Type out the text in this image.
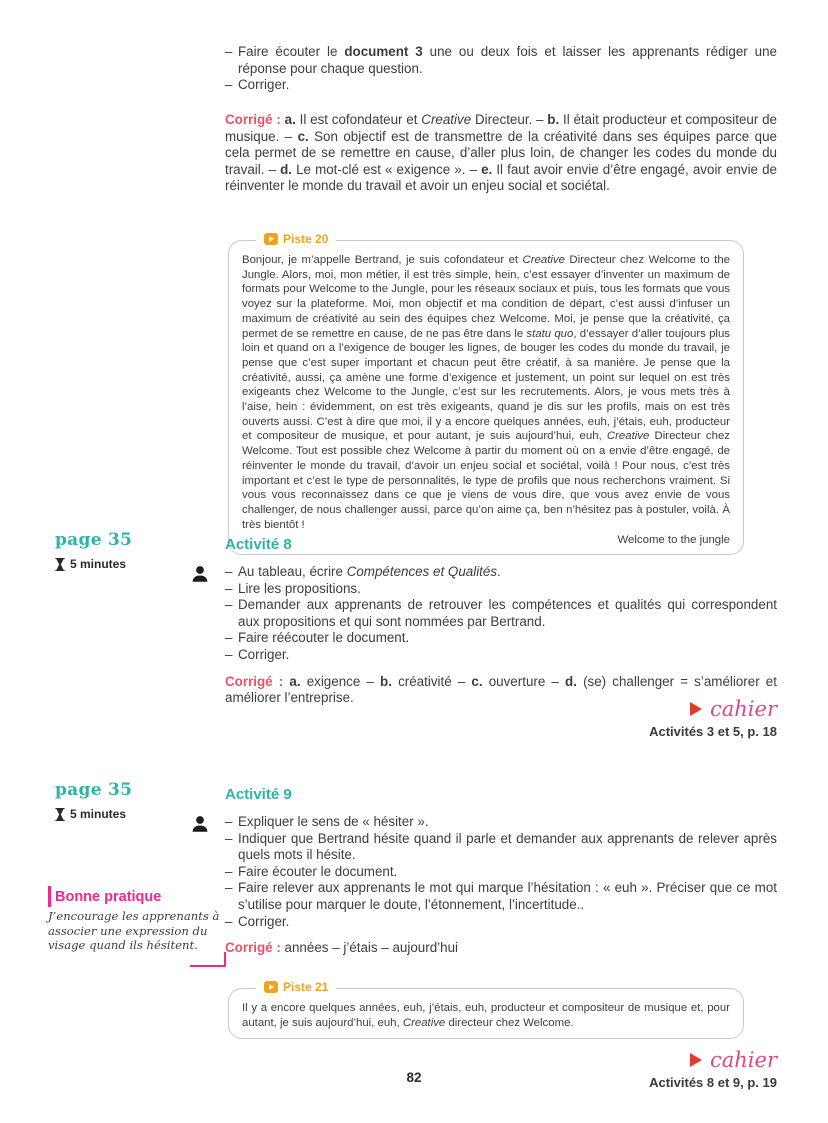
– Faire écouter le document 3 une ou deux fois et laisser les apprenants rédiger une réponse pour chaque question.
– Corriger.

Corrigé : a. Il est cofondateur et Creative Directeur. – b. Il était producteur et compositeur de musique. – c. Son objectif est de transmettre de la créativité dans ses équipes parce que cela permet de se remettre en cause, d’aller plus loin, de changer les codes du monde du travail. – d. Le mot-clé est « exigence ». – e. Il faut avoir envie d’être engagé, avoir envie de réinventer le monde du travail et avoir un enjeu social et sociétal.

Piste 20
Bonjour, je m’appelle Bertrand, je suis cofondateur et Creative Directeur chez Welcome to the Jungle. Alors, moi, mon métier, il est très simple, hein, c’est essayer d’inventer un maximum de formats pour Welcome to the Jungle, pour les réseaux sociaux et puis, tous les formats que vous voyez sur la plateforme. Moi, mon objectif et ma condition de départ, c’est aussi d’infuser un maximum de créativité au sein des équipes chez Welcome. Moi, je pense que la créativité, ça permet de se remettre en cause, de ne pas être dans le statu quo, d’essayer d’aller toujours plus loin et quand on a l’exigence de bouger les lignes, de bouger les codes du monde du travail, je pense que c’est super important et chacun peut être créatif, à sa manière. Je pense que la créativité, aussi, ça amène une forme d’exigence et justement, un point sur lequel on est très exigeants chez Welcome to the Jungle, c’est sur les recrutements. Alors, je vous mets très à l’aise, hein : évidemment, on est très exigeants, quand je dis sur les profils, mais on est très ouverts aussi. C’est à dire que moi, il y a encore quelques années, euh, j’étais, euh, producteur et compositeur de musique, et pour autant, je suis aujourd’hui, euh, Creative Directeur chez Welcome. Tout est possible chez Welcome à partir du moment où on a envie d’être engagé, de réinventer le monde du travail, d’avoir un enjeu social et sociétal, voilà ! Pour nous, c’est très important et c’est le type de personnalités, le type de profils que nous recherchons vraiment. Si vous vous reconnaissez dans ce que je viens de vous dire, que vous avez envie de vous challenger, de nous challenger aussi, parce qu’on aime ça, ben n’hésitez pas à postuler, voilà. À très bientôt !
Welcome to the jungle
page 35
5 minutes
Activité 8
– Au tableau, écrire Compétences et Qualités.
– Lire les propositions.
– Demander aux apprenants de retrouver les compétences et qualités qui correspondent aux propositions et qui sont nommées par Bertrand.
– Faire réécouter le document.
– Corriger.

Corrigé : a. exigence – b. créativité – c. ouverture – d. (se) challenger = s’améliorer et améliorer l’entreprise.	cahier
Activités 3 et 5, p. 18
page 35
5 minutes
Activité 9
– Expliquer le sens de « hésiter ».
– Indiquer que Bertrand hésite quand il parle et demander aux apprenants de relever après quels mots il hésite.
– Faire écouter le document.
– Faire relever aux apprenants le mot qui marque l’hésitation : « euh ». Préciser que ce mot s’utilise pour marquer le doute, l’étonnement, l’incertitude..
– Corriger.

Corrigé : années – j’étais – aujourd’hui

Bonne pratique
J’encourage les apprenants à associer une expression du visage quand ils hésitent.
Piste 21
Il y a encore quelques années, euh, j’étais, euh, producteur et compositeur de musique et, pour autant, je suis aujourd’hui, euh, Creative directeur chez Welcome.
cahier
Activités 8 et 9, p. 19
82
